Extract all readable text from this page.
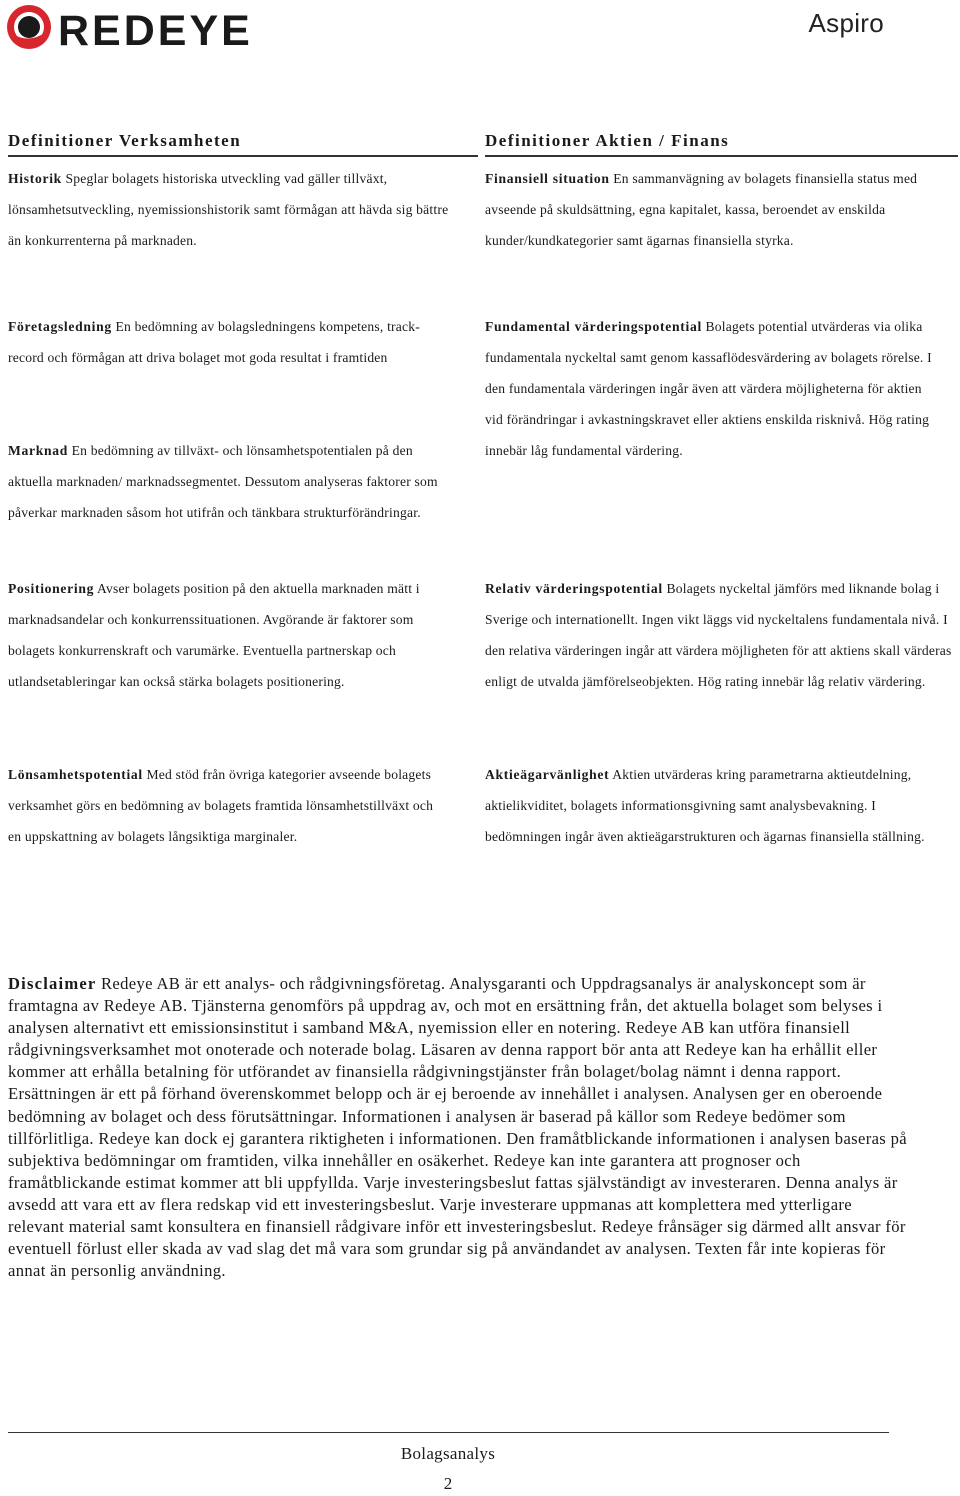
REDEYE	Aspiro
Definitioner Verksamheten

Historik Speglar bolagets historiska utveckling vad gäller tillväxt, lönsamhetsutveckling, nyemissionshistorik samt förmågan att hävda sig bättre än konkurrenterna på marknaden.

Företagsledning En bedömning av bolagsledningens kompetens, track-record och förmågan att driva bolaget mot goda resultat i framtiden

Marknad En bedömning av tillväxt- och lönsamhetspotentialen på den aktuella marknaden/ marknadssegmentet. Dessutom analyseras faktorer som påverkar marknaden såsom hot utifrån och tänkbara strukturförändringar.

Positionering Avser bolagets position på den aktuella marknaden mätt i marknadsandelar och konkurrenssituationen. Avgörande är faktorer som bolagets konkurrenskraft och varumärke. Eventuella partnerskap och utlandsetableringar kan också stärka bolagets positionering.

Lönsamhetspotential Med stöd från övriga kategorier avseende bolagets verksamhet görs en bedömning av bolagets framtida lönsamhetstillväxt och en uppskattning av bolagets långsiktiga marginaler.

Definitioner Aktien / Finans

Finansiell situation En sammanvägning av bolagets finansiella status med avseende på skuldsättning, egna kapitalet, kassa, beroendet av enskilda kunder/kundkategorier samt ägarnas finansiella styrka.

Fundamental värderingspotential Bolagets potential utvärderas via olika fundamentala nyckeltal samt genom kassaflödesvärdering av bolagets rörelse. I den fundamentala värderingen ingår även att värdera möjligheterna för aktien vid förändringar i avkastningskravet eller aktiens enskilda risknivå. Hög rating innebär låg fundamental värdering.

Relativ värderingspotential Bolagets nyckeltal jämförs med liknande bolag i Sverige och internationellt. Ingen vikt läggs vid nyckeltalens fundamentala nivå. I den relativa värderingen ingår att värdera möjligheten för att aktiens skall värderas enligt de utvalda jämförelseobjekten. Hög rating innebär låg relativ värdering.

Aktieägarvänlighet Aktien utvärderas kring parametrarna aktieutdelning, aktielikviditet, bolagets informationsgivning samt analysbevakning. I bedömningen ingår även aktieägarstrukturen och ägarnas finansiella ställning.

Disclaimer Redeye AB är ett analys- och rådgivningsföretag. Analysgaranti och Uppdragsanalys är analyskoncept som är framtagna av Redeye AB. Tjänsterna genomförs på uppdrag av, och mot en ersättning från, det aktuella bolaget som belyses i analysen alternativt ett emissionsinstitut i samband M&A, nyemission eller en notering. Redeye AB kan utföra finansiell rådgivningsverksamhet mot onoterade och noterade bolag. Läsaren av denna rapport bör anta att Redeye kan ha erhållit eller kommer att erhålla betalning för utförandet av finansiella rådgivningstjänster från bolaget/bolag nämnt i denna rapport. Ersättningen är ett på förhand överenskommet belopp och är ej beroende av innehållet i analysen. Analysen ger en oberoende bedömning av bolaget och dess förutsättningar. Informationen i analysen är baserad på källor som Redeye bedömer som tillförlitliga. Redeye kan dock ej garantera riktigheten i informationen. Den framåtblickande informationen i analysen baseras på subjektiva bedömningar om framtiden, vilka innehåller en osäkerhet. Redeye kan inte garantera att prognoser och framåtblickande estimat kommer att bli uppfyllda. Varje investeringsbeslut fattas självständigt av investeraren. Denna analys är avsedd att vara ett av flera redskap vid ett investeringsbeslut. Varje investerare uppmanas att komplettera med ytterligare relevant material samt konsultera en finansiell rådgivare inför ett investeringsbeslut. Redeye frånsäger sig därmed allt ansvar för eventuell förlust eller skada av vad slag det må vara som grundar sig på användandet av analysen. Texten får inte kopieras för annat än personlig användning.

Bolagsanalys
2
